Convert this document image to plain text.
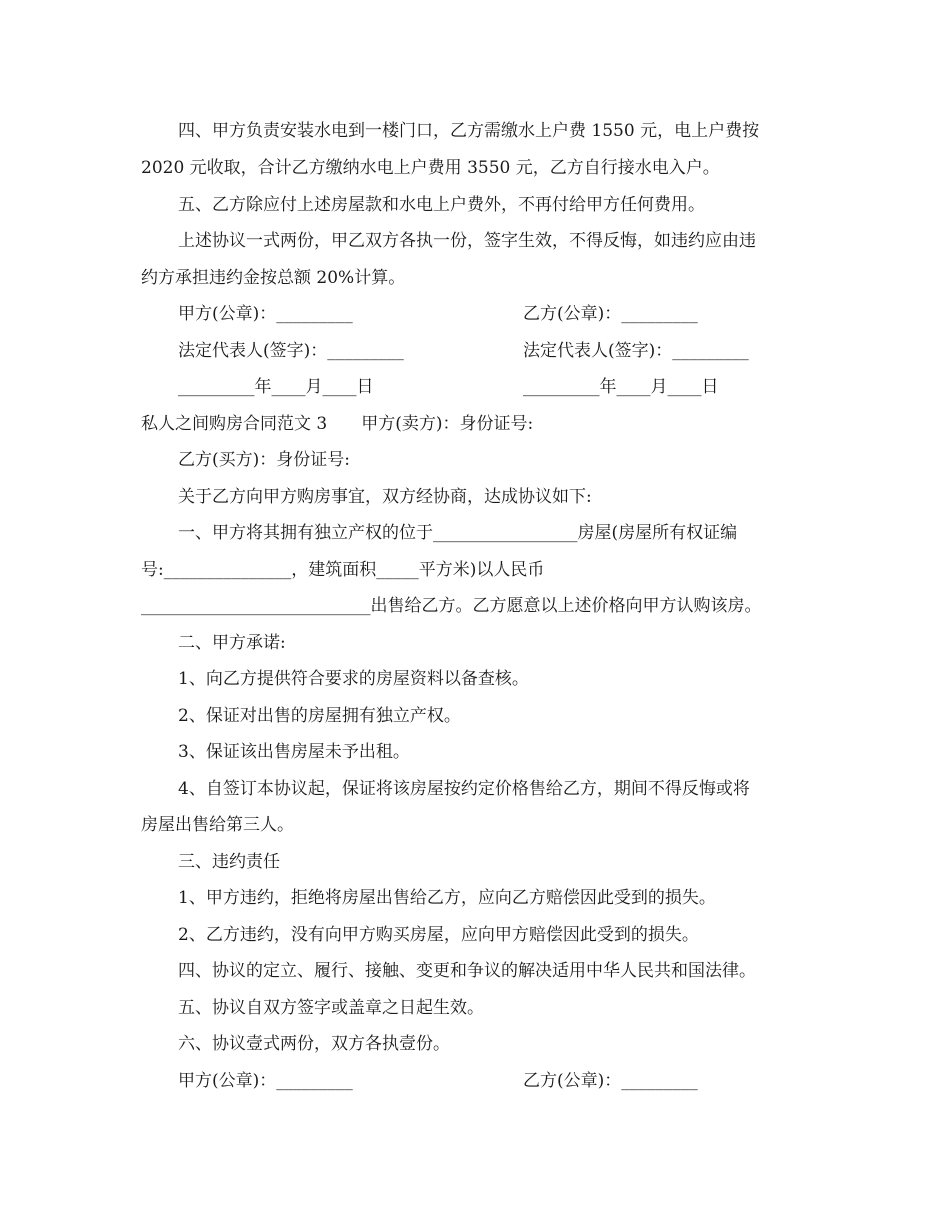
四、甲方负责安装水电到一楼门口，乙方需缴水上户费 1550 元，电上户费按
2020 元收取，合计乙方缴纳水电上户费用 3550 元，乙方自行接水电入户。
五、乙方除应付上述房屋款和水电上户费外，不再付给甲方任何费用。
上述协议一式两份，甲乙双方各执一份，签字生效，不得反悔，如违约应由违
约方承担违约金按总额 20%计算。
甲方(公章)：_________	乙方(公章)：_________
法定代表人(签字)：_________	法定代表人(签字)：_________
_________年____月____日	_________年____月____日
私人之间购房合同范文 3　　甲方(卖方)：身份证号:
乙方(买方)：身份证号:
关于乙方向甲方购房事宜，双方经协商，达成协议如下:
一、甲方将其拥有独立产权的位于_________________房屋(房屋所有权证编
号:_______________，建筑面积_____平方米)以人民币
___________________________出售给乙方。乙方愿意以上述价格向甲方认购该房。
二、甲方承诺:
1、向乙方提供符合要求的房屋资料以备查核。
2、保证对出售的房屋拥有独立产权。
3、保证该出售房屋未予出租。
4、自签订本协议起，保证将该房屋按约定价格售给乙方，期间不得反悔或将
房屋出售给第三人。
三、违约责任
1、甲方违约，拒绝将房屋出售给乙方，应向乙方赔偿因此受到的损失。
2、乙方违约，没有向甲方购买房屋，应向甲方赔偿因此受到的损失。
四、协议的定立、履行、接触、变更和争议的解决适用中华人民共和国法律。
五、协议自双方签字或盖章之日起生效。
六、协议壹式两份，双方各执壹份。
甲方(公章)：_________	乙方(公章)：_________
